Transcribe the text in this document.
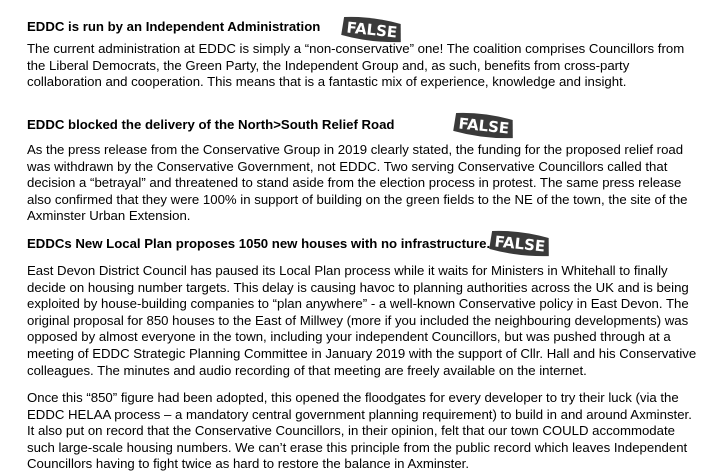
EDDC is run by an Independent Administration FALSE
The current administration at EDDC is simply a “non-conservative” one! The coalition comprises Councillors from
the Liberal Democrats, the Green Party, the Independent Group and, as such, benefits from cross-party
collaboration and cooperation. This means that is a fantastic mix of experience, knowledge and insight.
EDDC blocked the delivery of the North>South Relief Road	FALSE
As the press release from the Conservative Group in 2019 clearly stated, the funding for the proposed relief road
was withdrawn by the Conservative Government, not EDDC. Two serving Conservative Councillors called that
decision a “betrayal” and threatened to stand aside from the election process in protest. The same press release
also confirmed that they were 100% in support of building on the green fields to the NE of the town, the site of the
Axminster Urban Extension.
EDDCs New Local Plan proposes 1050 new houses with no infrastructure. FALSE
East Devon District Council has paused its Local Plan process while it waits for Ministers in Whitehall to finally
decide on housing number targets. This delay is causing havoc to planning authorities across the UK and is being
exploited by house-building companies to “plan anywhere” - a well-known Conservative policy in East Devon. The
original proposal for 850 houses to the East of Millwey (more if you included the neighbouring developments) was
opposed by almost everyone in the town, including your independent Councillors, but was pushed through at a
meeting of EDDC Strategic Planning Committee in January 2019 with the support of Cllr. Hall and his Conservative
colleagues. The minutes and audio recording of that meeting are freely available on the internet.
Once this “850” figure had been adopted, this opened the floodgates for every developer to try their luck (via the
EDDC HELAA process – a mandatory central government planning requirement) to build in and around Axminster.
It also put on record that the Conservative Councillors, in their opinion, felt that our town COULD accommodate
such large-scale housing numbers. We can’t erase this principle from the public record which leaves Independent
Councillors having to fight twice as hard to restore the balance in Axminster.
